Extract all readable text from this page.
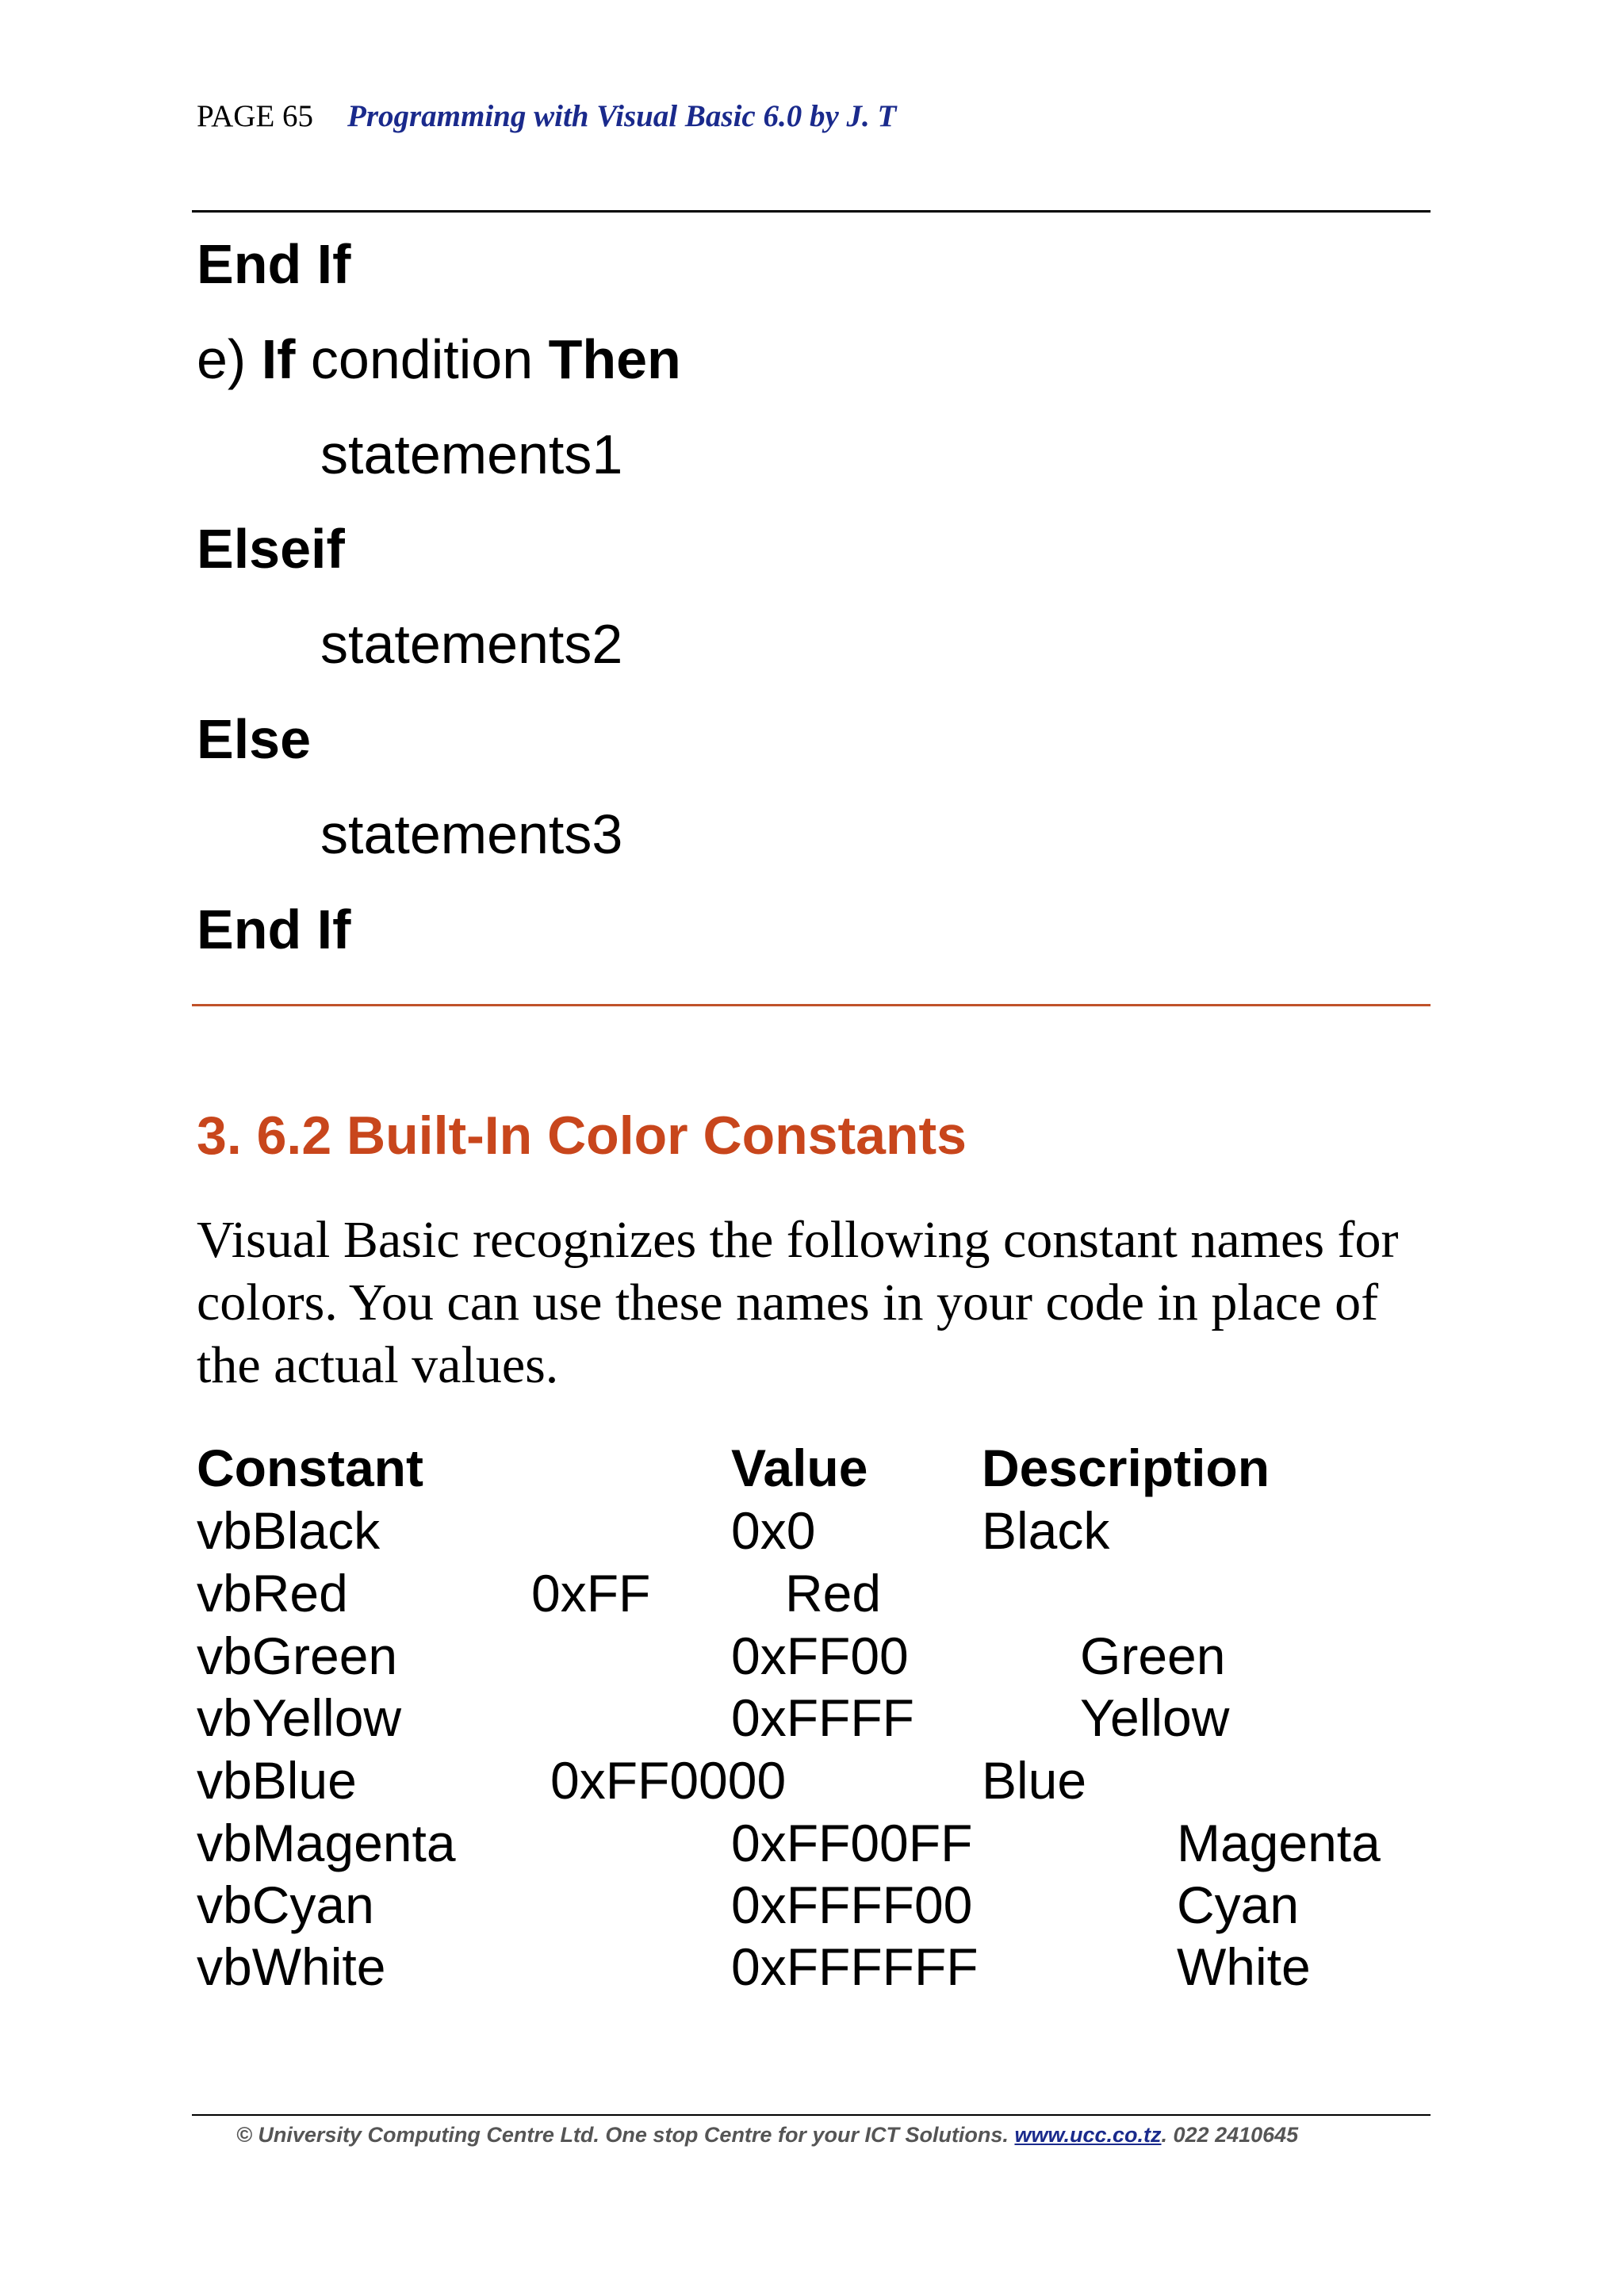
PAGE 65 Programming with Visual Basic 6.0 by J. T
End If
e) If condition Then
statements1
Elseif
statements2
Else
statements3
End If
3. 6.2 Built-In Color Constants
Visual Basic recognizes the following constant names for colors. You can use these names in your code in place of the actual values.
Constant	Value Description
vbBlack	0x0	Black
vbRed	0xFF	Red
vbGreen	0xFF00	Green
vbYellow	0xFFFF	Yellow
vbBlue	0xFF0000	Blue
vbMagenta	0xFF00FF	Magenta
vbCyan	0xFFFF00	Cyan
vbWhite	0xFFFFFF	White
© University Computing Centre Ltd. One stop Centre for your ICT Solutions. www.ucc.co.tz. 022 2410645
